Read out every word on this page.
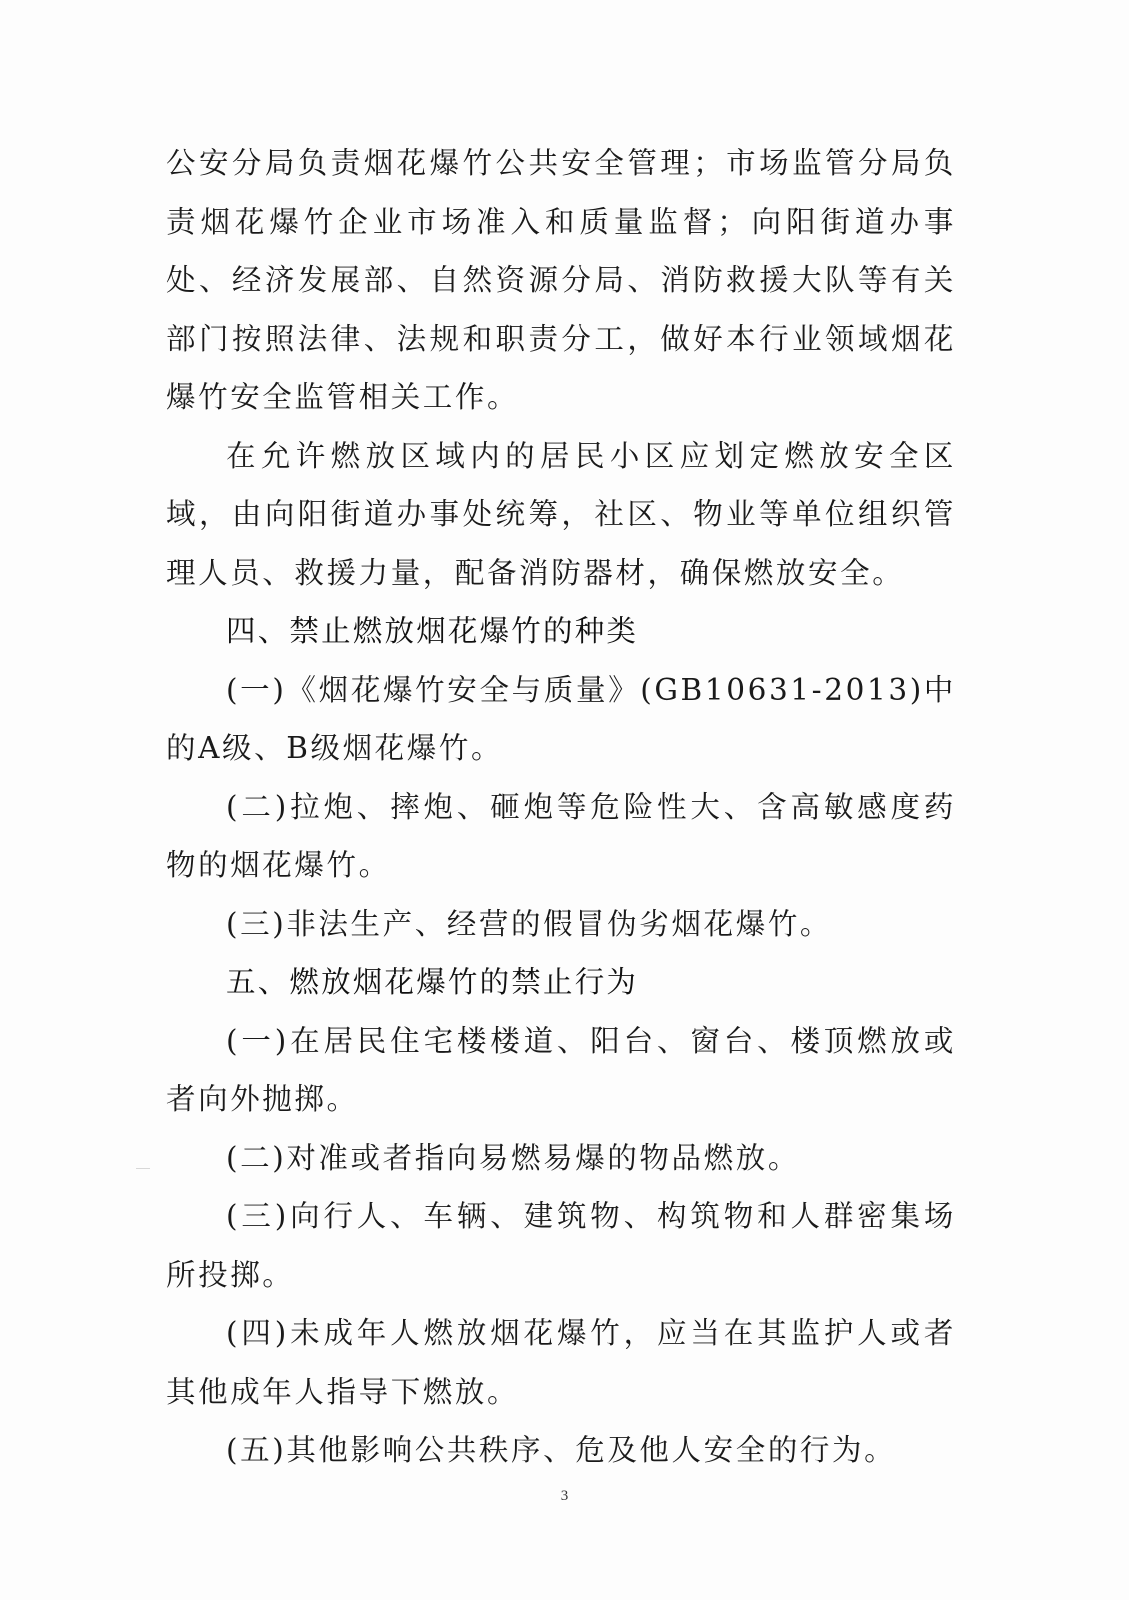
公安分局负责烟花爆竹公共安全管理；市场监管分局负责烟花爆竹企业市场准入和质量监督；向阳街道办事处、经济发展部、自然资源分局、消防救援大队等有关部门按照法律、法规和职责分工，做好本行业领域烟花爆竹安全监管相关工作。

在允许燃放区域内的居民小区应划定燃放安全区域，由向阳街道办事处统筹，社区、物业等单位组织管理人员、救援力量，配备消防器材，确保燃放安全。

四、禁止燃放烟花爆竹的种类

(一)《烟花爆竹安全与质量》(GB10631-2013)中的A级、B级烟花爆竹。

(二)拉炮、摔炮、砸炮等危险性大、含高敏感度药物的烟花爆竹。

(三)非法生产、经营的假冒伪劣烟花爆竹。

五、燃放烟花爆竹的禁止行为

(一)在居民住宅楼楼道、阳台、窗台、楼顶燃放或者向外抛掷。

(二)对准或者指向易燃易爆的物品燃放。

(三)向行人、车辆、建筑物、构筑物和人群密集场所投掷。

(四)未成年人燃放烟花爆竹，应当在其监护人或者其他成年人指导下燃放。

(五)其他影响公共秩序、危及他人安全的行为。

3
